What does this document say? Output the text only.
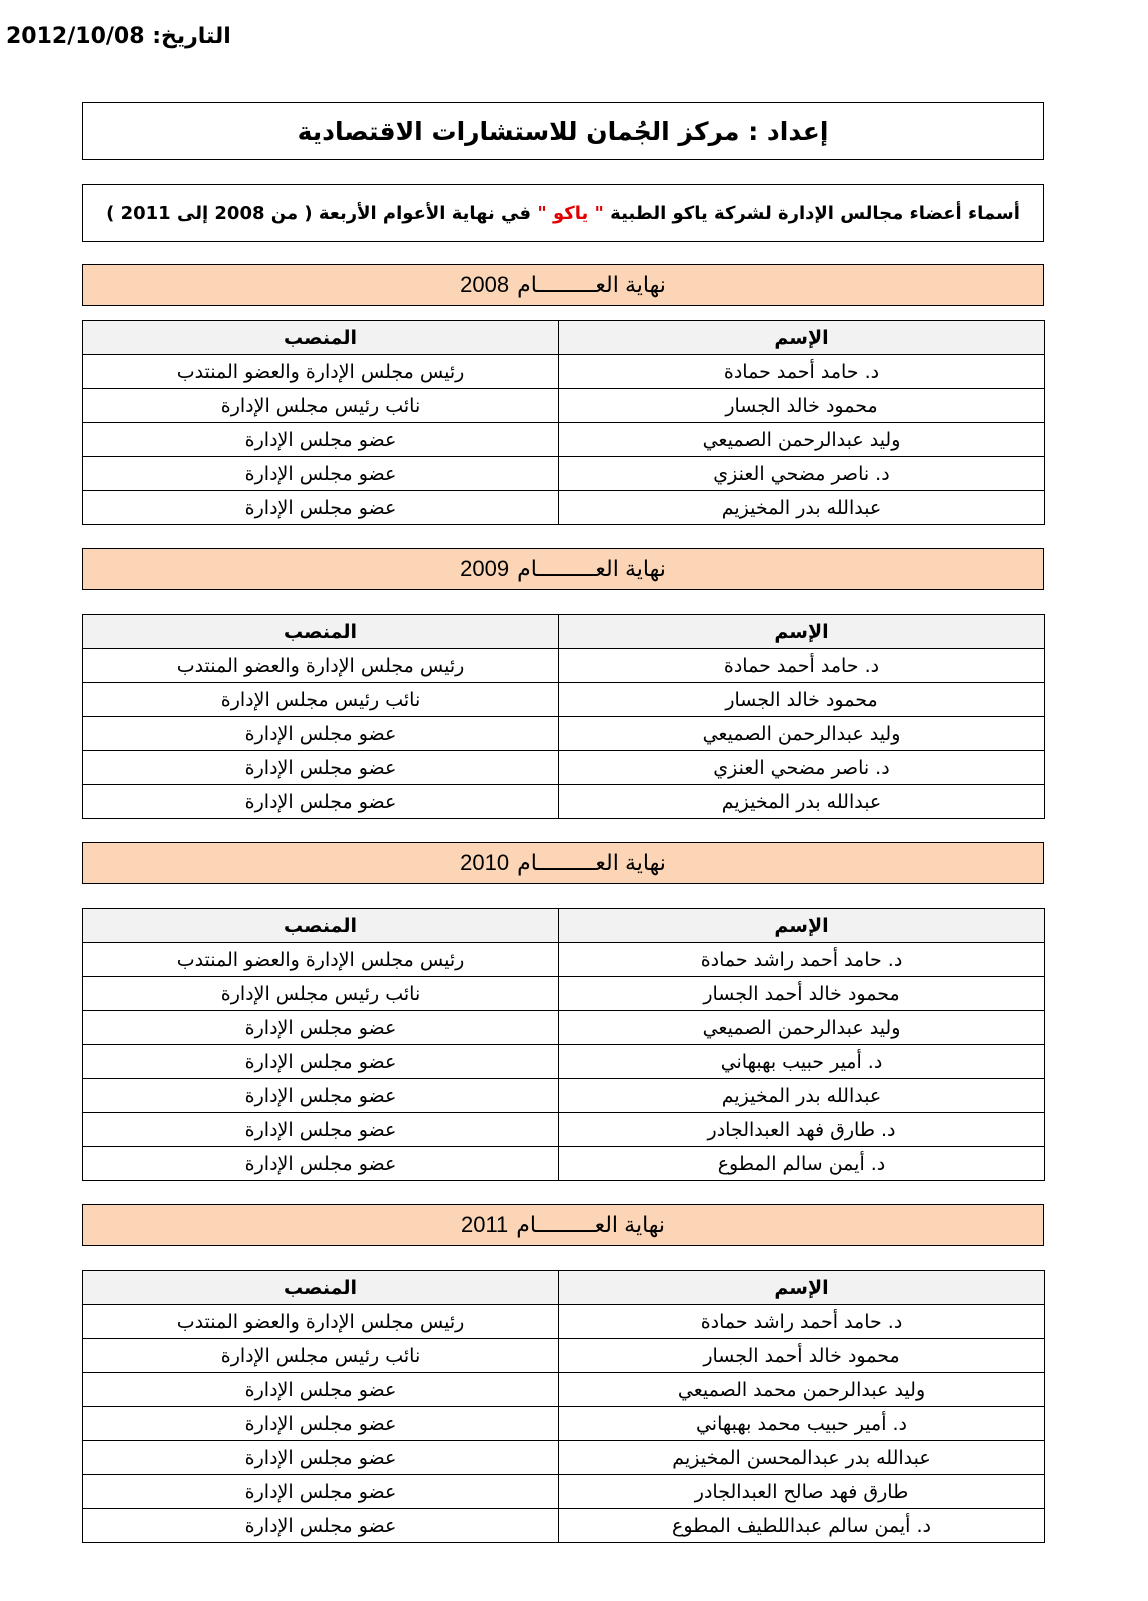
التاريخ: 2012/10/08
إعداد : مركز الجُمان للاستشارات الاقتصادية
أسماء أعضاء مجالس الإدارة لشركة ياكو الطبية

" ياكو "

في نهاية الأعوام الأربعة ( من 2008 إلى 2011 )
نهاية العـــــــــام
2008
الإسم	المنصب
د. حامد أحمد حمادة	رئيس مجلس الإدارة والعضو المنتدب
محمود خالد الجسار	نائب رئيس مجلس الإدارة
وليد عبدالرحمن الصميعي	عضو مجلس الإدارة
د. ناصر مضحي العنزي	عضو مجلس الإدارة
عبدالله بدر المخيزيم	عضو مجلس الإدارة
نهاية العـــــــــام
2009
الإسم	المنصب
د. حامد أحمد حمادة	رئيس مجلس الإدارة والعضو المنتدب
محمود خالد الجسار	نائب رئيس مجلس الإدارة
وليد عبدالرحمن الصميعي	عضو مجلس الإدارة
د. ناصر مضحي العنزي	عضو مجلس الإدارة
عبدالله بدر المخيزيم	عضو مجلس الإدارة
نهاية العـــــــــام
2010
الإسم	المنصب
د. حامد أحمد راشد حمادة	رئيس مجلس الإدارة والعضو المنتدب
محمود خالد أحمد الجسار	نائب رئيس مجلس الإدارة
وليد عبدالرحمن الصميعي	عضو مجلس الإدارة
د. أمير حبيب بهبهاني	عضو مجلس الإدارة
عبدالله بدر المخيزيم	عضو مجلس الإدارة
د. طارق فهد العبدالجادر	عضو مجلس الإدارة
د. أيمن سالم المطوع	عضو مجلس الإدارة
نهاية العـــــــــام
2011
الإسم	المنصب
د. حامد أحمد راشد حمادة	رئيس مجلس الإدارة والعضو المنتدب
محمود خالد أحمد الجسار	نائب رئيس مجلس الإدارة
وليد عبدالرحمن محمد الصميعي	عضو مجلس الإدارة
د. أمير حبيب محمد بهبهاني	عضو مجلس الإدارة
عبدالله بدر عبدالمحسن المخيزيم	عضو مجلس الإدارة
طارق فهد صالح العبدالجادر	عضو مجلس الإدارة
د. أيمن سالم عبداللطيف المطوع	عضو مجلس الإدارة
